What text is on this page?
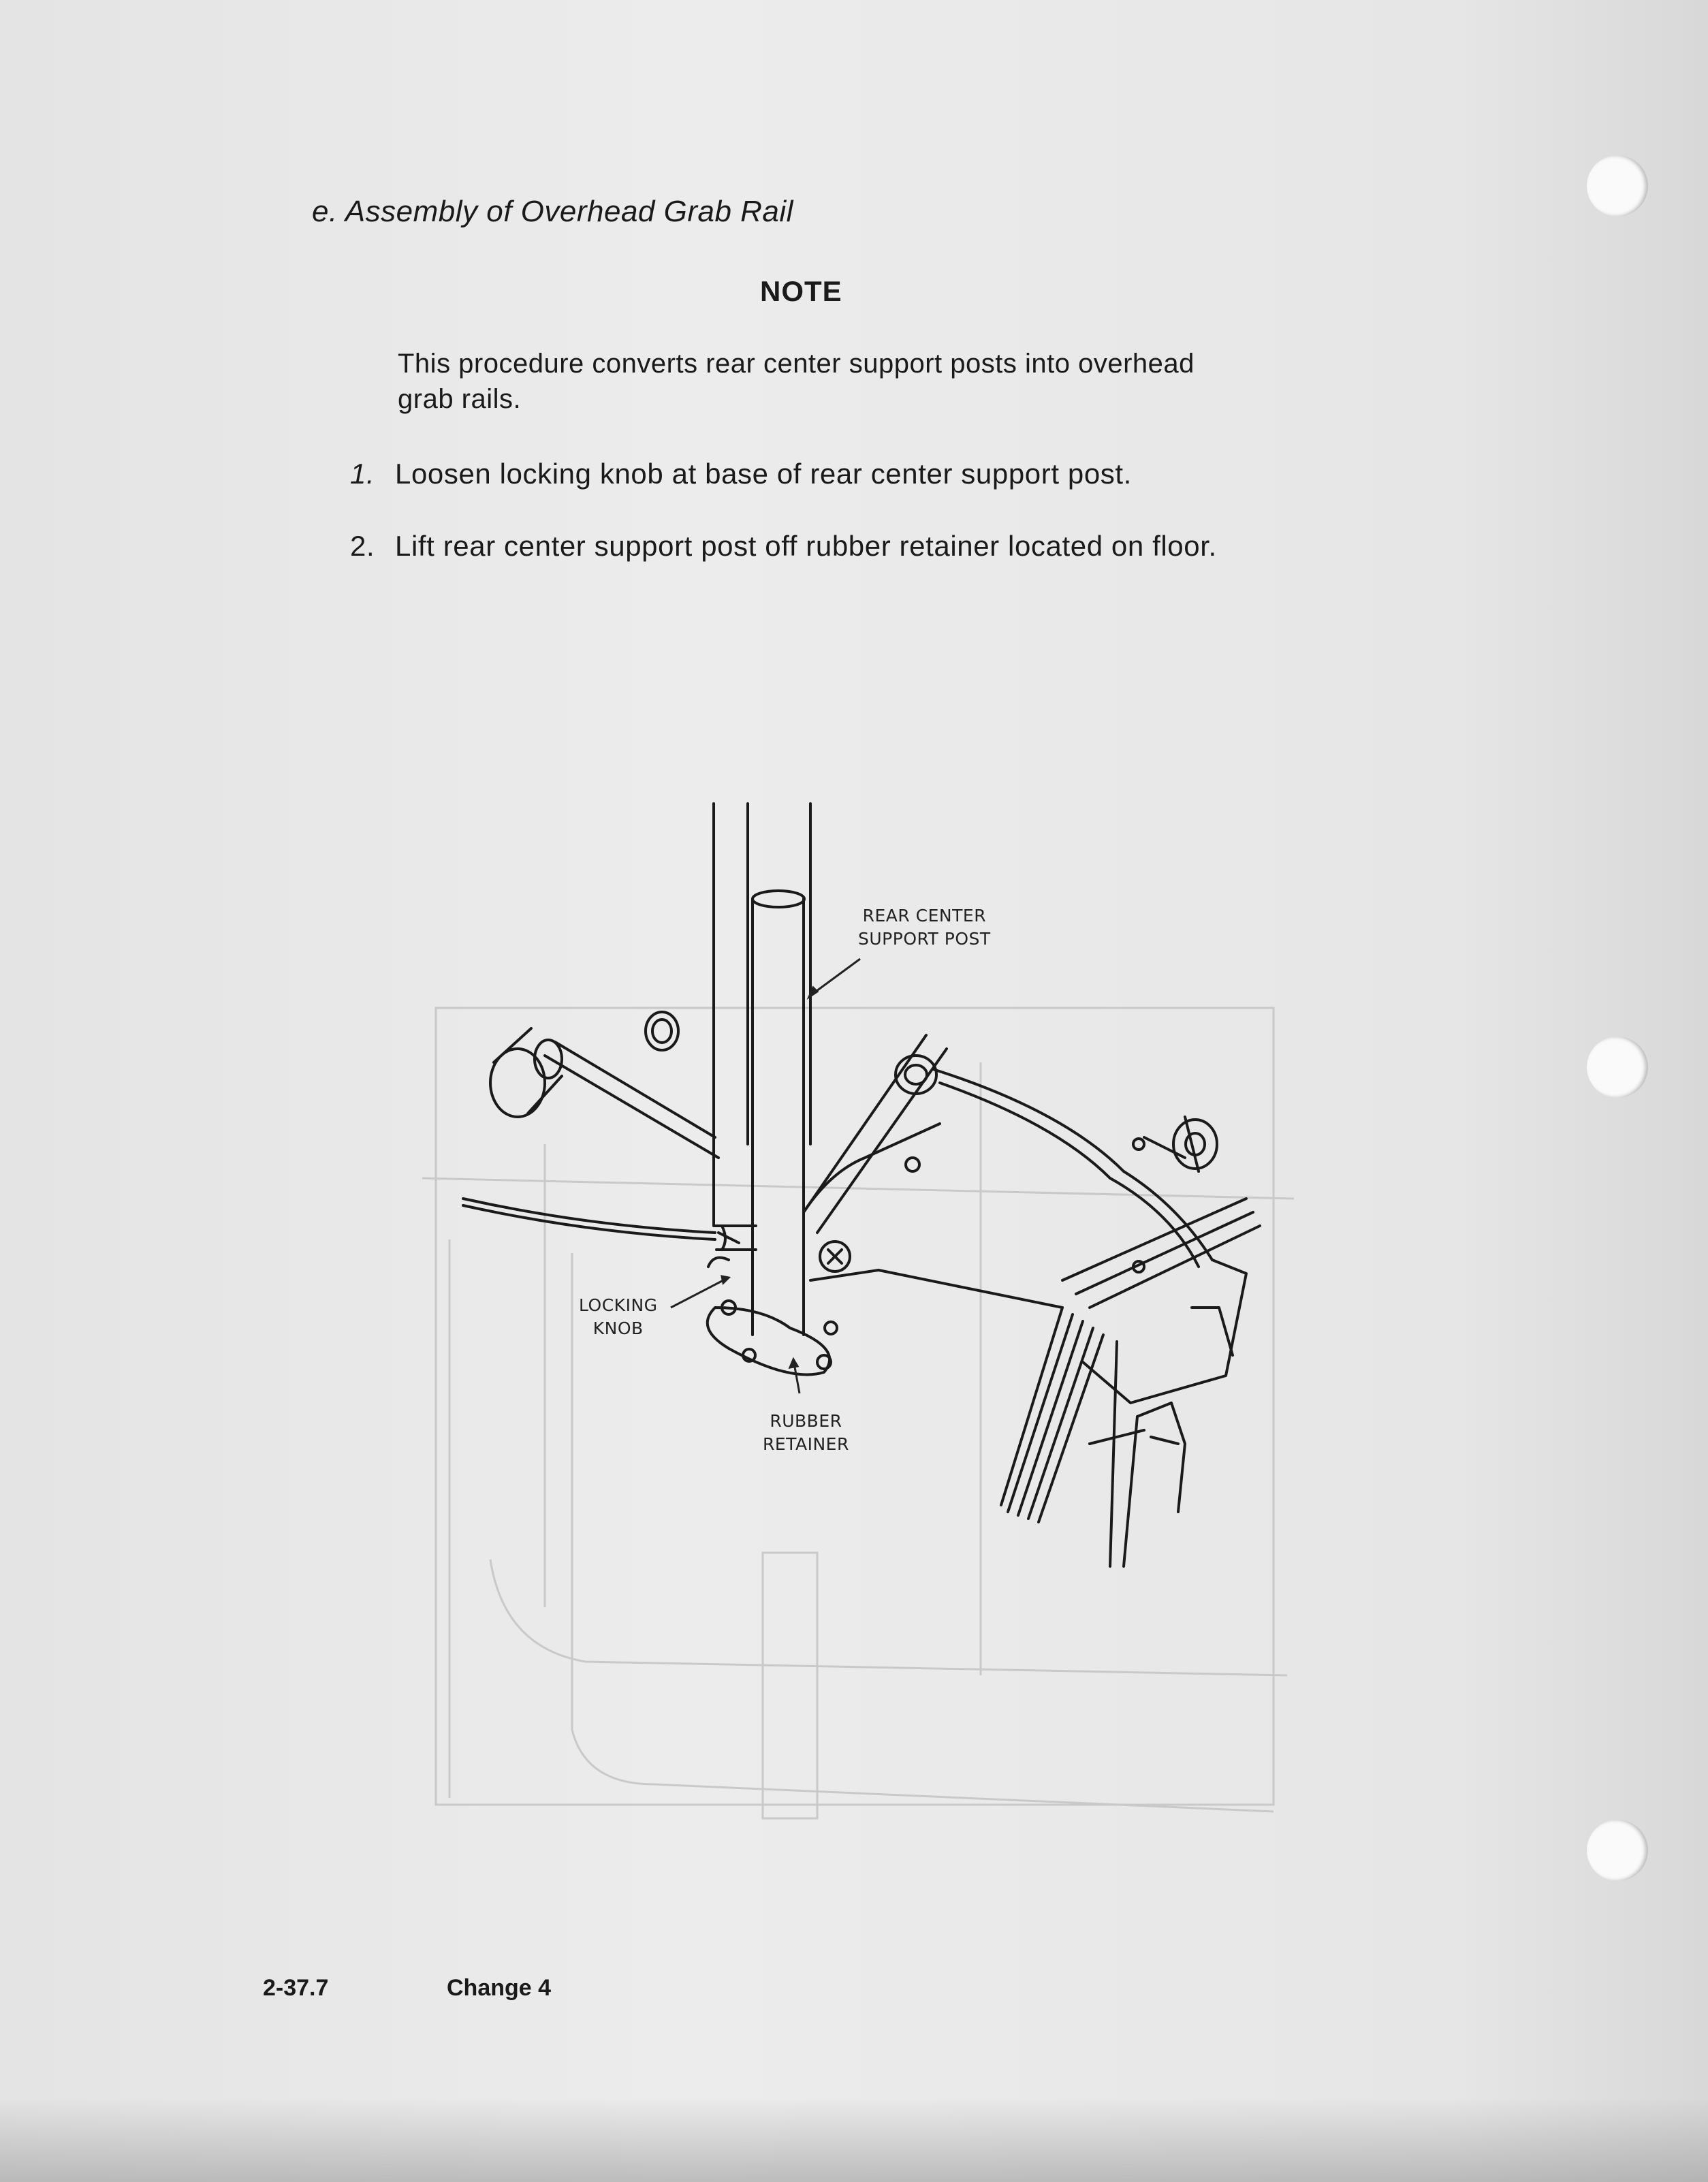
e. Assembly of Overhead Grab Rail
NOTE
This procedure converts rear center support posts into overhead grab rails.
1. Loosen locking knob at base of rear center support post.
2. Lift rear center support post off rubber retainer located on floor.
REAR CENTER
SUPPORT POST
LOCKING
KNOB
RUBBER
RETAINER
2-37.7	Change 4
